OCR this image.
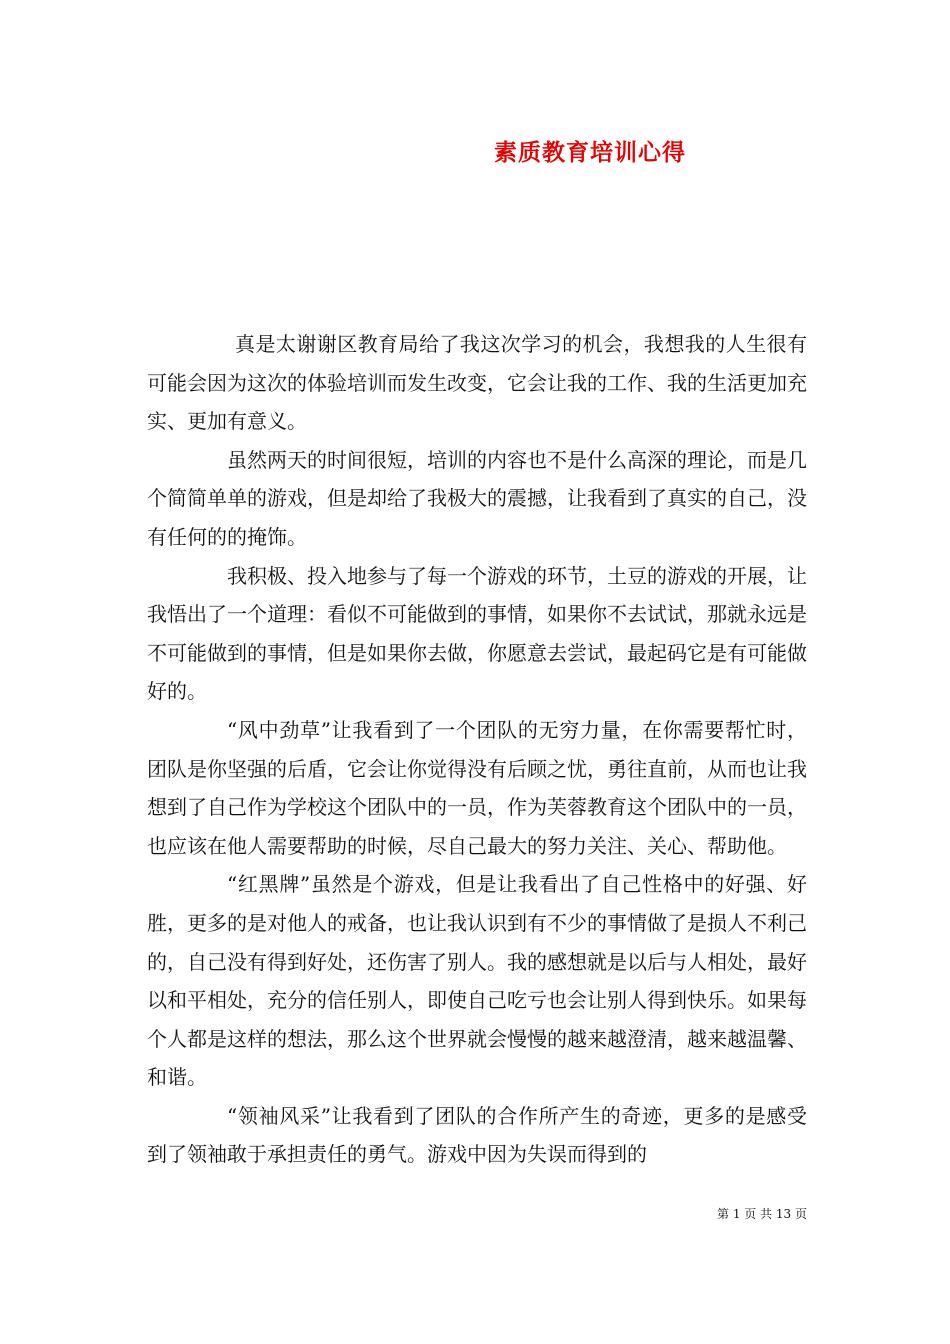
素质教育培训心得

真是太谢谢区教育局给了我这次学习的机会，我想我的人生很有可能会因为这次的体验培训而发生改变，它会让我的工作、我的生活更加充实、更加有意义。

虽然两天的时间很短，培训的内容也不是什么高深的理论，而是几个简简单单的游戏，但是却给了我极大的震撼，让我看到了真实的自己，没有任何的的掩饰。

我积极、投入地参与了每一个游戏的环节，土豆的游戏的开展，让我悟出了一个道理：看似不可能做到的事情，如果你不去试试，那就永远是不可能做到的事情，但是如果你去做，你愿意去尝试，最起码它是有可能做好的。

“风中劲草”让我看到了一个团队的无穷力量，在你需要帮忙时，团队是你坚强的后盾，它会让你觉得没有后顾之忧，勇往直前，从而也让我想到了自己作为学校这个团队中的一员，作为芙蓉教育这个团队中的一员，也应该在他人需要帮助的时候，尽自己最大的努力关注、关心、帮助他。

“红黑牌”虽然是个游戏，但是让我看出了自己性格中的好强、好胜，更多的是对他人的戒备，也让我认识到有不少的事情做了是损人不利己的，自己没有得到好处，还伤害了别人。我的感想就是以后与人相处，最好以和平相处，充分的信任别人，即使自己吃亏也会让别人得到快乐。如果每个人都是这样的想法，那么这个世界就会慢慢的越来越澄清，越来越温馨、和谐。

“领袖风采”让我看到了团队的合作所产生的奇迹，更多的是感受到了领袖敢于承担责任的勇气。游戏中因为失误而得到的

第 1 页 共 13 页
